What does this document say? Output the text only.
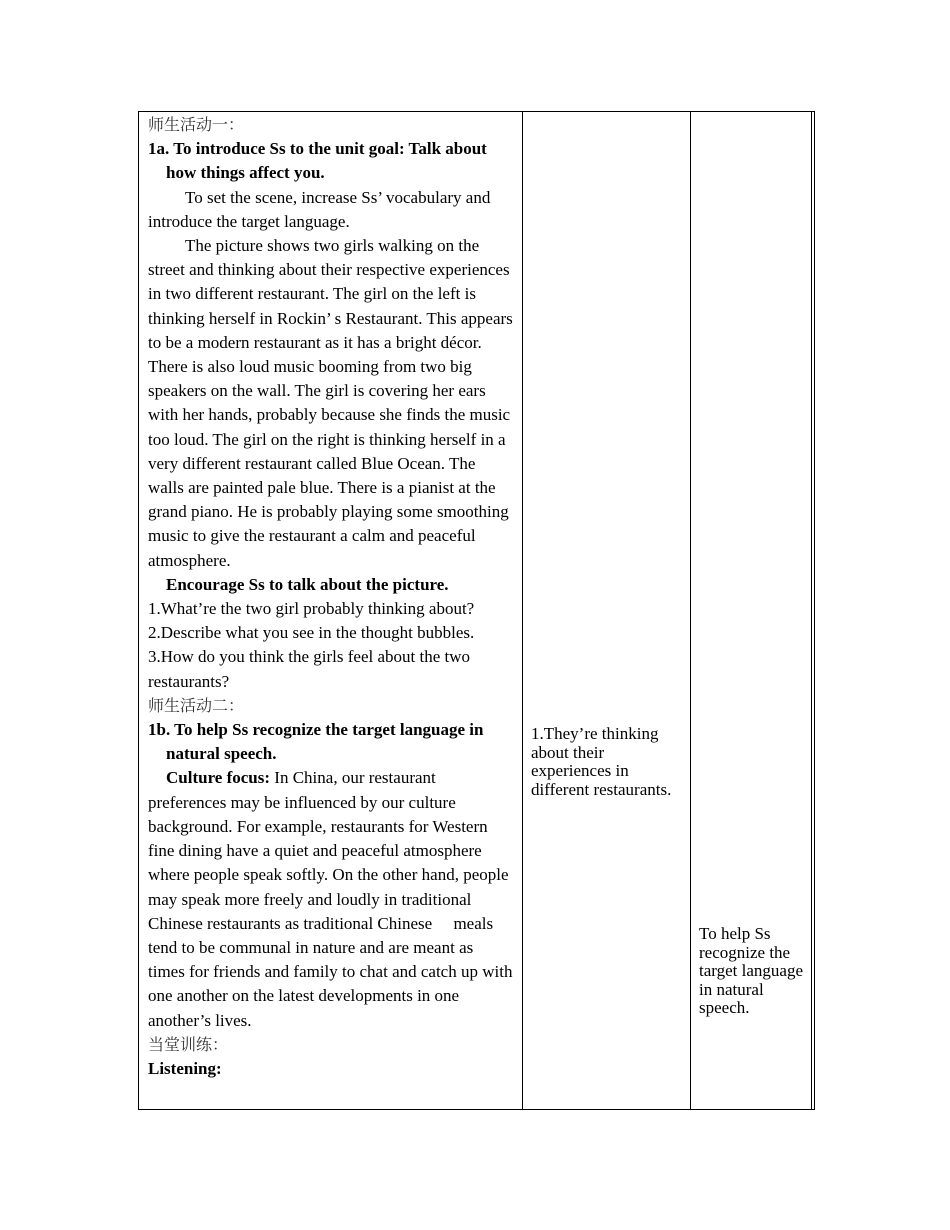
师生活动一：

1a. To introduce Ss to the unit goal: Talk about how things affect you.

To set the scene, increase Ss’ vocabulary and introduce the target language.

The picture shows two girls walking on the street and thinking about their respective experiences in two different restaurant. The girl on the left is thinking herself in Rockin’ s Restaurant. This appears to be a modern restaurant as it has a bright décor. There is also loud music booming from two big speakers on the wall. The girl is covering her ears with her hands, probably because she finds the music too loud. The girl on the right is thinking herself in a very different restaurant called Blue Ocean. The walls are painted pale blue. There is a pianist at the grand piano. He is probably playing some smoothing music to give the restaurant a calm and peaceful atmosphere.

Encourage Ss to talk about the picture.

1.What’re the two girl probably thinking about?

2.Describe what you see in the thought bubbles.

3.How do you think the girls feel about the two restaurants?

师生活动二：

1b. To help Ss recognize the target language in natural speech.

Culture focus: In China, our restaurant preferences may be influenced by our culture background. For example, restaurants for Western fine dining have a quiet and peaceful atmosphere where people speak softly. On the other hand, people may speak more freely and loudly in traditional Chinese restaurants as traditional Chinese     meals tend to be communal in nature and are meant as times for friends and family to chat and catch up with one another on the latest developments in one another’s lives.

当堂训练：

Listening:

1.They’re thinking about their experiences in different restaurants.
To help Ss recognize the target language in natural speech.
